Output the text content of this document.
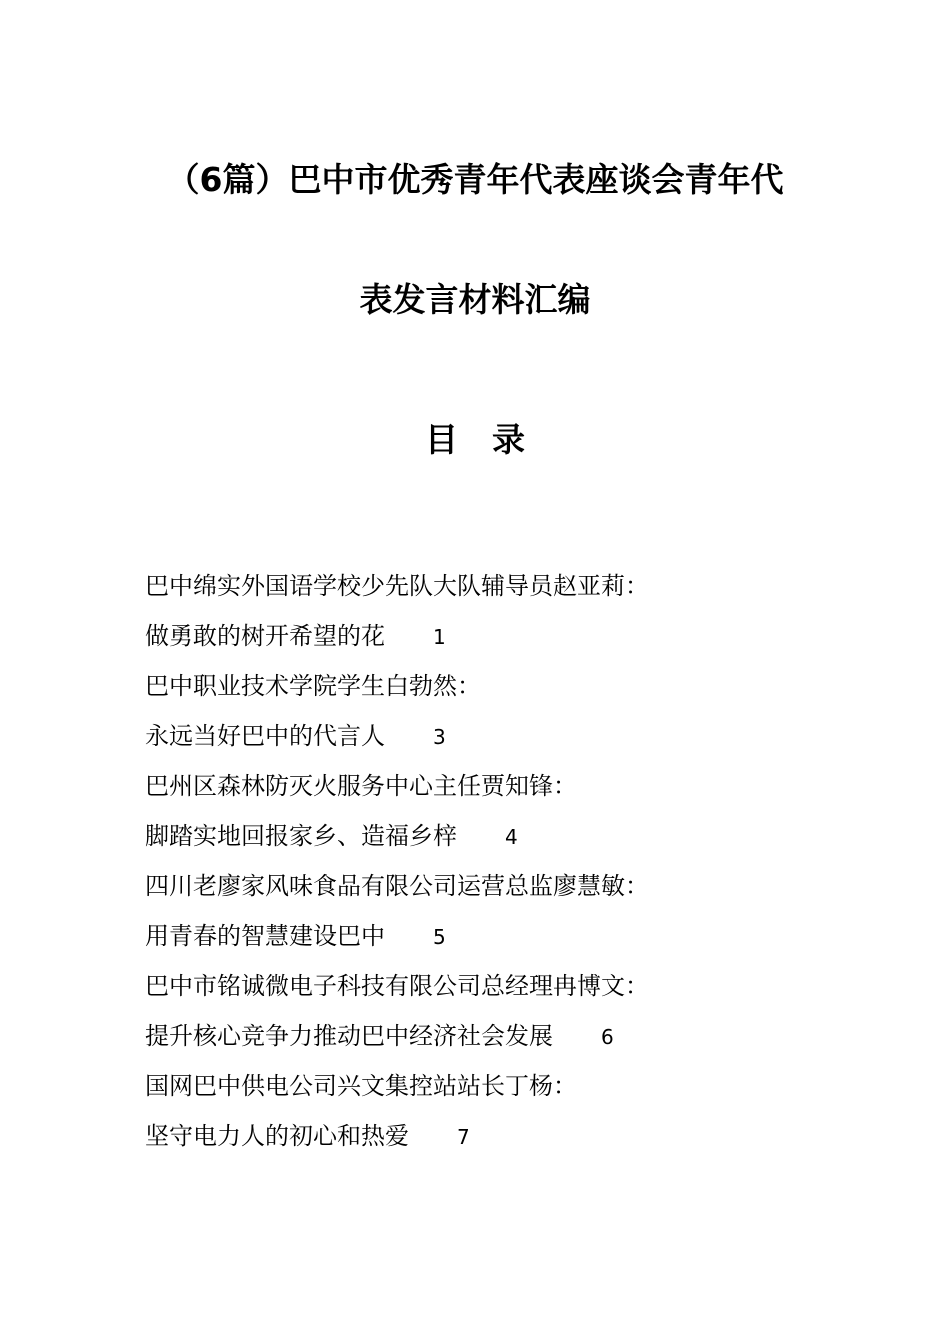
（6篇）巴中市优秀青年代表座谈会青年代
表发言材料汇编
目录
巴中绵实外国语学校少先队大队辅导员赵亚莉：
做勇敢的树开希望的花 1
巴中职业技术学院学生白勃然：
永远当好巴中的代言人 3
巴州区森林防灭火服务中心主任贾知锋：
脚踏实地回报家乡、造福乡梓 4
四川老廖家风味食品有限公司运营总监廖慧敏：
用青春的智慧建设巴中 5
巴中市铭诚微电子科技有限公司总经理冉博文：
提升核心竞争力推动巴中经济社会发展 6
国网巴中供电公司兴文集控站站长丁杨：
坚守电力人的初心和热爱 7
